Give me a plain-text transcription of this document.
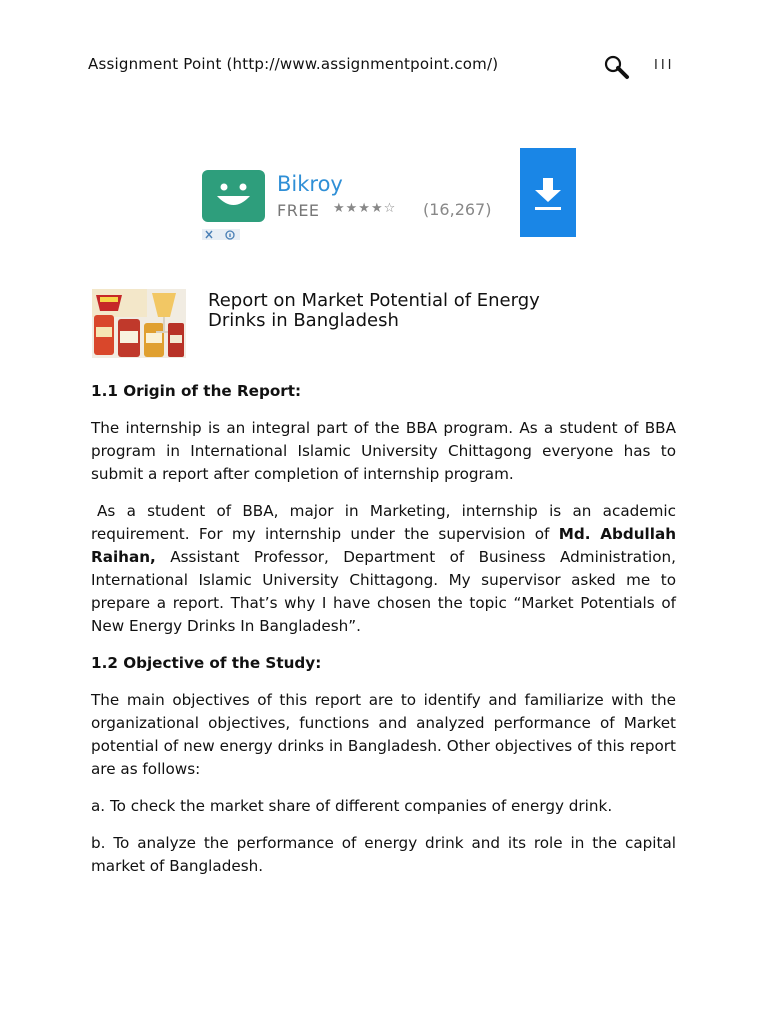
Assignment Point (http://www.assignmentpoint.com/)	III
Bikroy
FREE ★★★★☆ (16,267)
Report on Market Potential of Energy
Drinks in Bangladesh
1.1 Origin of the Report:

The internship is an integral part of the BBA program. As a student of BBA program in International Islamic University Chittagong everyone has to submit a report after completion of internship program.

As a student of BBA, major in Marketing, internship is an academic requirement. For my internship under the supervision of Md. Abdullah Raihan, Assistant Professor, Department of Business Administration, International Islamic University Chittagong. My supervisor asked me to prepare a report. That’s why I have chosen the topic “Market Potentials of New Energy Drinks In Bangladesh”.

1.2 Objective of the Study:

The main objectives of this report are to identify and familiarize with the organizational objectives, functions and analyzed performance of Market potential of new energy drinks in Bangladesh. Other objectives of this report are as follows:

a. To check the market share of different companies of energy drink.

b. To analyze the performance of energy drink and its role in the capital market of Bangladesh.
